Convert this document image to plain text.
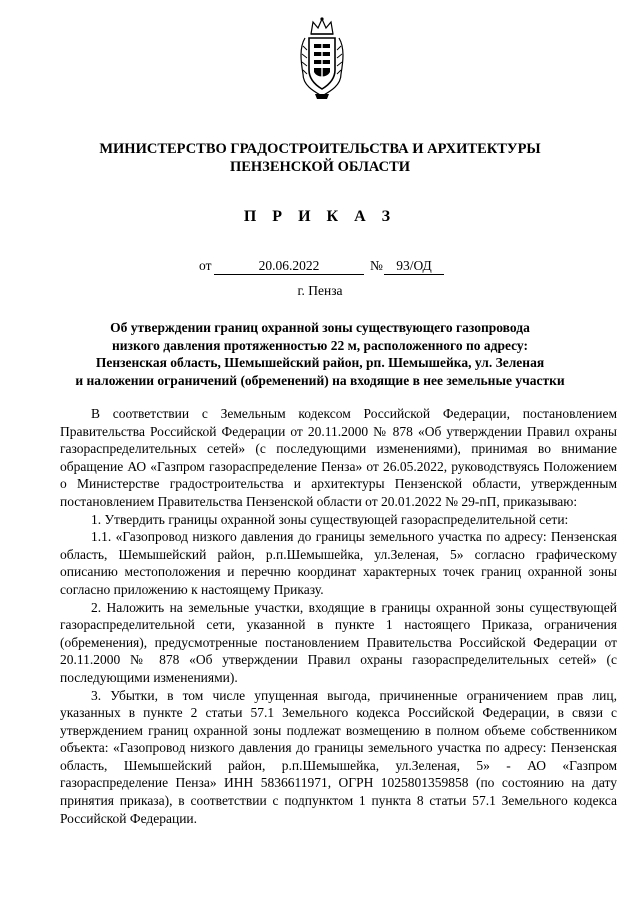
МИНИСТЕРСТВО ГРАДОСТРОИТЕЛЬСТВА И АРХИТЕКТУРЫ
ПЕНЗЕНСКОЙ ОБЛАСТИ
П Р И К А З
от	20.06.2022	№ 93/ОД
г. Пенза
Об утверждении границ охранной зоны существующего газопровода
низкого давления протяженностью 22 м, расположенного по адресу:
Пензенская область, Шемышейский район, рп. Шемышейка, ул. Зеленая
и наложении ограничений (обременений) на входящие в нее земельные участки

В соответствии с Земельным кодексом Российской Федерации, постановлением Правительства Российской Федерации от 20.11.2000 № 878 «Об утверждении Правил охраны газораспределительных сетей» (с последующими изменениями), принимая во внимание обращение АО «Газпром газораспределение Пенза» от 26.05.2022, руководствуясь Положением о Министерстве градостроительства и архитектуры Пензенской области, утвержденным постановлением Правительства Пензенской области от 20.01.2022 № 29-пП, приказываю:

1. Утвердить границы охранной зоны существующей газораспределительной сети:

1.1. «Газопровод низкого давления до границы земельного участка по адресу: Пензенская область, Шемышейский район, р.п.Шемышейка, ул.Зеленая, 5» согласно графическому описанию местоположения и перечню координат характерных точек границ охранной зоны согласно приложению к настоящему Приказу.

2. Наложить на земельные участки, входящие в границы охранной зоны существующей газораспределительной сети, указанной в пункте 1 настоящего Приказа, ограничения (обременения), предусмотренные постановлением Правительства Российской Федерации от 20.11.2000 № 878 «Об утверждении Правил охраны газораспределительных сетей» (с последующими изменениями).

3. Убытки, в том числе упущенная выгода, причиненные ограничением прав лиц, указанных в пункте 2 статьи 57.1 Земельного кодекса Российской Федерации, в связи с утверждением границ охранной зоны подлежат возмещению в полном объеме собственником объекта: «Газопровод низкого давления до границы земельного участка по адресу: Пензенская область, Шемышейский район, р.п.Шемышейка, ул.Зеленая, 5» - АО «Газпром газораспределение Пенза» ИНН 5836611971, ОГРН 1025801359858 (по состоянию на дату принятия приказа), в соответствии с подпунктом 1 пункта 8 статьи 57.1 Земельного кодекса Российской Федерации.
